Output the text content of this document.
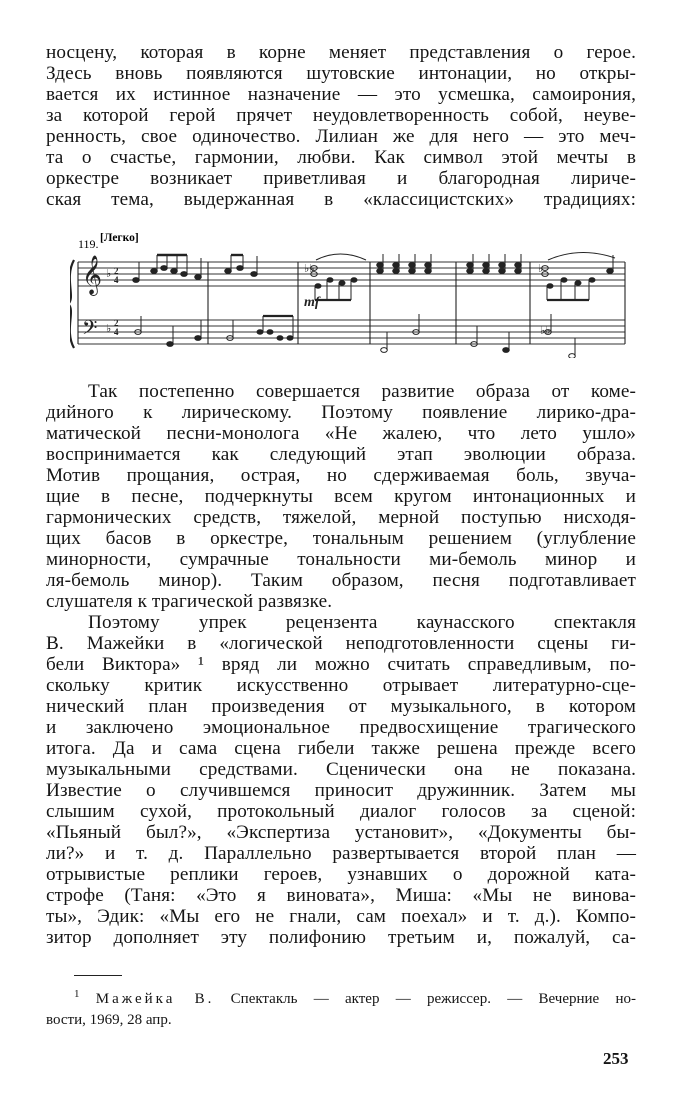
носцену, которая в корне меняет представления о герое.
Здесь вновь появляются шутовские интонации, но откры-
вается их истинное назначение — это усмешка, самоирония,
за которой герой прячет неудовлетворенность собой, неуве-
ренность, свое одиночество. Лилиан же для него — это меч-
та о счастье, гармонии, любви. Как символ этой мечты в
оркестре возникает приветливая и благородная лириче-
ская тема, выдержанная в «классицистских» традициях:
119. [Легко]
𝄞
𝄢
♭
♭
2
4
2
4
♭♭	♭
mf
♭♭
Так постепенно совершается развитие образа от коме-
дийного к лирическому. Поэтому появление лирико-дра-
матической песни-монолога «Не жалею, что лето ушло»
воспринимается как следующий этап эволюции образа.
Мотив прощания, острая, но сдерживаемая боль, звуча-
щие в песне, подчеркнуты всем кругом интонационных и
гармонических средств, тяжелой, мерной поступью нисходя-
щих басов в оркестре, тональным решением (углубление
минорности, сумрачные тональности ми-бемоль минор и
ля-бемоль минор). Таким образом, песня подготавливает
слушателя к трагической развязке.
Поэтому упрек рецензента каунасского спектакля
В. Мажейки в «логической неподготовленности сцены ги-
бели Виктора» ¹ вряд ли можно считать справедливым, по-
скольку критик искусственно отрывает литературно-сце-
нический план произведения от музыкального, в котором
и заключено эмоциональное предвосхищение трагического
итога. Да и сама сцена гибели также решена прежде всего
музыкальными средствами. Сценически она не показана.
Известие о случившемся приносит дружинник. Затем мы
слышим сухой, протокольный диалог голосов за сценой:
«Пьяный был?», «Экспертиза установит», «Документы бы-
ли?» и т. д. Параллельно развертывается второй план —
отрывистые реплики героев, узнавших о дорожной ката-
строфе (Таня: «Это я виновата», Миша: «Мы не винова-
ты», Эдик: «Мы его не гнали, сам поехал» и т. д.). Компо-
зитор дополняет эту полифонию третьим и, пожалуй, са-
$^1$ Мажейка В. Спектакль — актер — режиссер. — Вечерние но-
вости, 1969, 28 апр.
253
